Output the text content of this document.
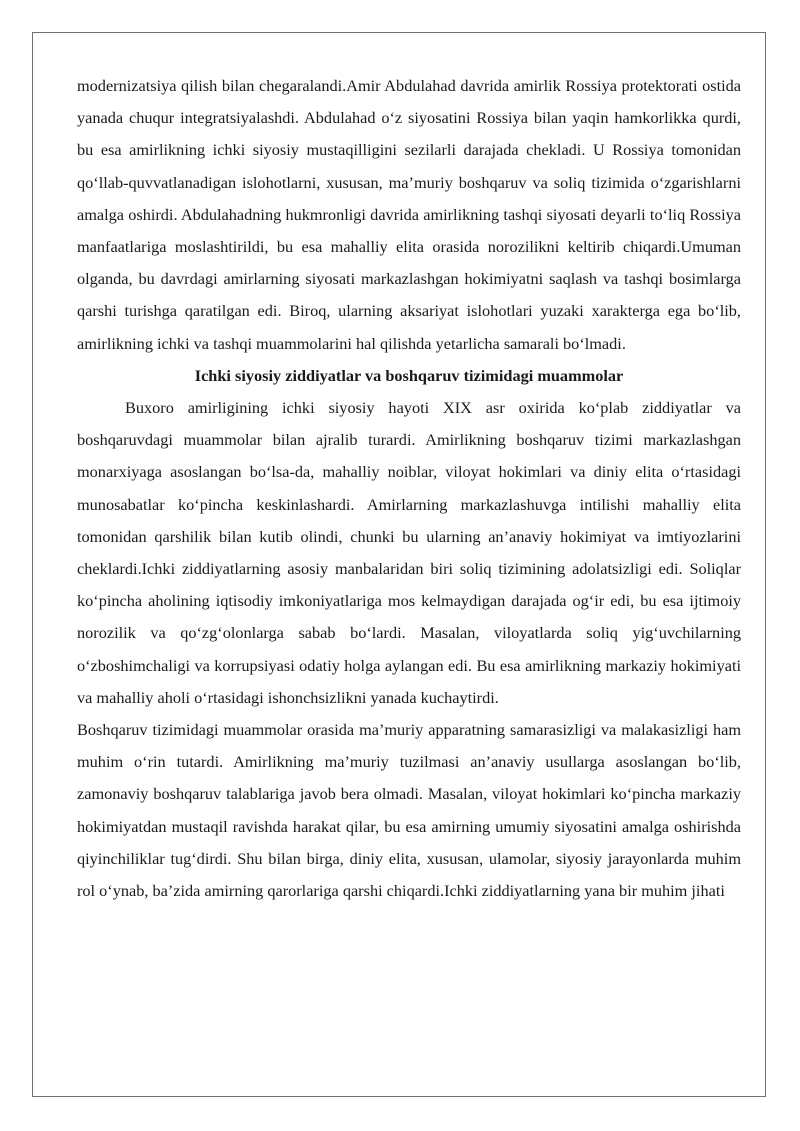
modernizatsiya qilish bilan chegaralandi.Amir Abdulahad davrida amirlik Rossiya protektorati ostida yanada chuqur integratsiyalashdi. Abdulahad o‘z siyosatini Rossiya bilan yaqin hamkorlikka qurdi, bu esa amirlikning ichki siyosiy mustaqilligini sezilarli darajada chekladi. U Rossiya tomonidan qo‘llab-quvvatlanadigan islohotlarni, xususan, ma’muriy boshqaruv va soliq tizimida o‘zgarishlarni amalga oshirdi. Abdulahadning hukmronligi davrida amirlikning tashqi siyosati deyarli to‘liq Rossiya manfaatlariga moslashtirildi, bu esa mahalliy elita orasida norozilikni keltirib chiqardi.Umuman olganda, bu davrdagi amirlarning siyosati markazlashgan hokimiyatni saqlash va tashqi bosimlarga qarshi turishga qaratilgan edi. Biroq, ularning aksariyat islohotlari yuzaki xarakterga ega bo‘lib, amirlikning ichki va tashqi muammolarini hal qilishda yetarlicha samarali bo‘lmadi.

Ichki siyosiy ziddiyatlar va boshqaruv tizimidagi muammolar

Buxoro amirligining ichki siyosiy hayoti XIX asr oxirida ko‘plab ziddiyatlar va boshqaruvdagi muammolar bilan ajralib turardi. Amirlikning boshqaruv tizimi markazlashgan monarxiyaga asoslangan bo‘lsa-da, mahalliy noiblar, viloyat hokimlari va diniy elita o‘rtasidagi munosabatlar ko‘pincha keskinlashardi. Amirlarning markazlashuvga intilishi mahalliy elita tomonidan qarshilik bilan kutib olindi, chunki bu ularning an’anaviy hokimiyat va imtiyozlarini cheklardi.Ichki ziddiyatlarning asosiy manbalaridan biri soliq tizimining adolatsizligi edi. Soliqlar ko‘pincha aholining iqtisodiy imkoniyatlariga mos kelmaydigan darajada og‘ir edi, bu esa ijtimoiy norozilik va qo‘zg‘olonlarga sabab bo‘lardi. Masalan, viloyatlarda soliq yig‘uvchilarning o‘zboshimchaligi va korrupsiyasi odatiy holga aylangan edi. Bu esa amirlikning markaziy hokimiyati va mahalliy aholi o‘rtasidagi ishonchsizlikni yanada kuchaytirdi.

Boshqaruv tizimidagi muammolar orasida ma’muriy apparatning samarasizligi va malakasizligi ham muhim o‘rin tutardi. Amirlikning ma’muriy tuzilmasi an’anaviy usullarga asoslangan bo‘lib, zamonaviy boshqaruv talablariga javob bera olmadi. Masalan, viloyat hokimlari ko‘pincha markaziy hokimiyatdan mustaqil ravishda harakat qilar, bu esa amirning umumiy siyosatini amalga oshirishda qiyinchiliklar tug‘dirdi. Shu bilan birga, diniy elita, xususan, ulamolar, siyosiy jarayonlarda muhim rol o‘ynab, ba’zida amirning qarorlariga qarshi chiqardi.Ichki ziddiyatlarning yana bir muhim jihati
